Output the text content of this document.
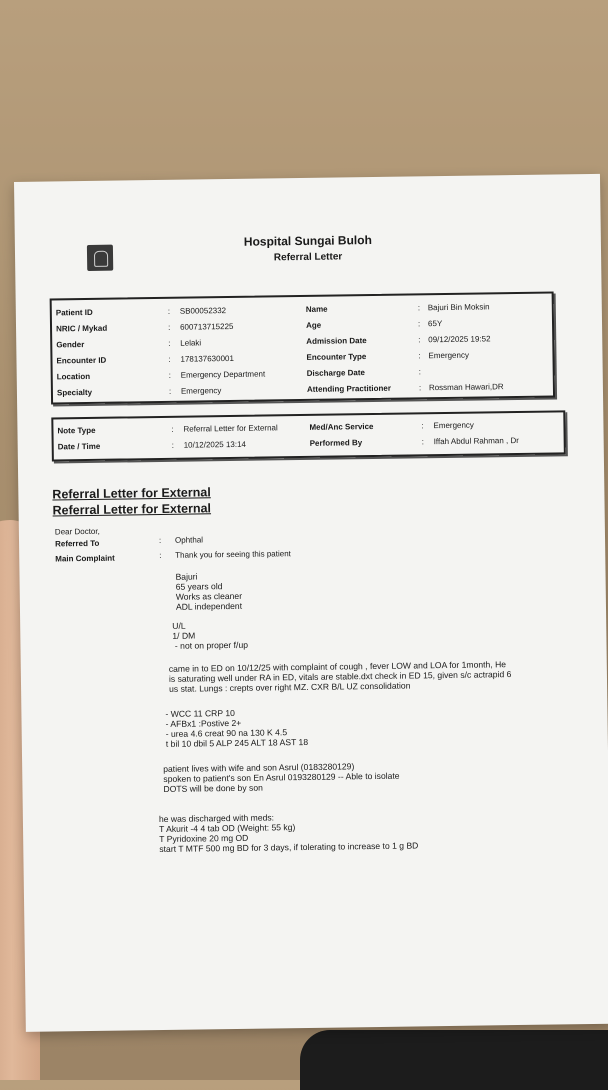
Hospital Sungai Buloh
Referral Letter
Patient ID	: SB00052332	Name	: Bajuri Bin Moksin
NRIC / Mykad	: 600713715225	Age	: 65Y
Gender	: Lelaki	Admission Date	: 09/12/2025 19:52
Encounter ID	: 178137630001	Encounter Type	: Emergency
Location	: Emergency Department	Discharge Date	:
Specialty	: Emergency	Attending Practitioner	: Rossman Hawari,DR
Note Type	: Referral Letter for External	Med/Anc Service	: Emergency
Date / Time	: 10/12/2025 13:14	Performed By	: Iffah Abdul Rahman , Dr
Referral Letter for External
Referral Letter for External
Dear Doctor,
Referred To	: Ophthal
Main Complaint	: Thank you for seeing this patient
Bajuri
65 years old
Works as cleaner
ADL independent
U/L
1/ DM
- not on proper f/up
came in to ED on 10/12/25 with complaint of cough , fever LOW and LOA for 1month, He
is saturating well under RA in ED, vitals are stable.dxt check in ED 15, given s/c actrapid 6
us stat. Lungs : crepts over right MZ. CXR B/L UZ consolidation
- WCC 11 CRP 10
- AFBx1 :Postive 2+
- urea 4.6 creat 90 na 130 K 4.5
t bil 10 dbil 5 ALP 245 ALT 18 AST 18
patient lives with wife and son Asrul (0183280129)
spoken to patient's son En Asrul 0193280129 -- Able to isolate
DOTS will be done by son
he was discharged with meds:
T Akurit -4 4 tab OD (Weight: 55 kg)
T Pyridoxine 20 mg OD
start T MTF 500 mg BD for 3 days, if tolerating to increase to 1 g BD
